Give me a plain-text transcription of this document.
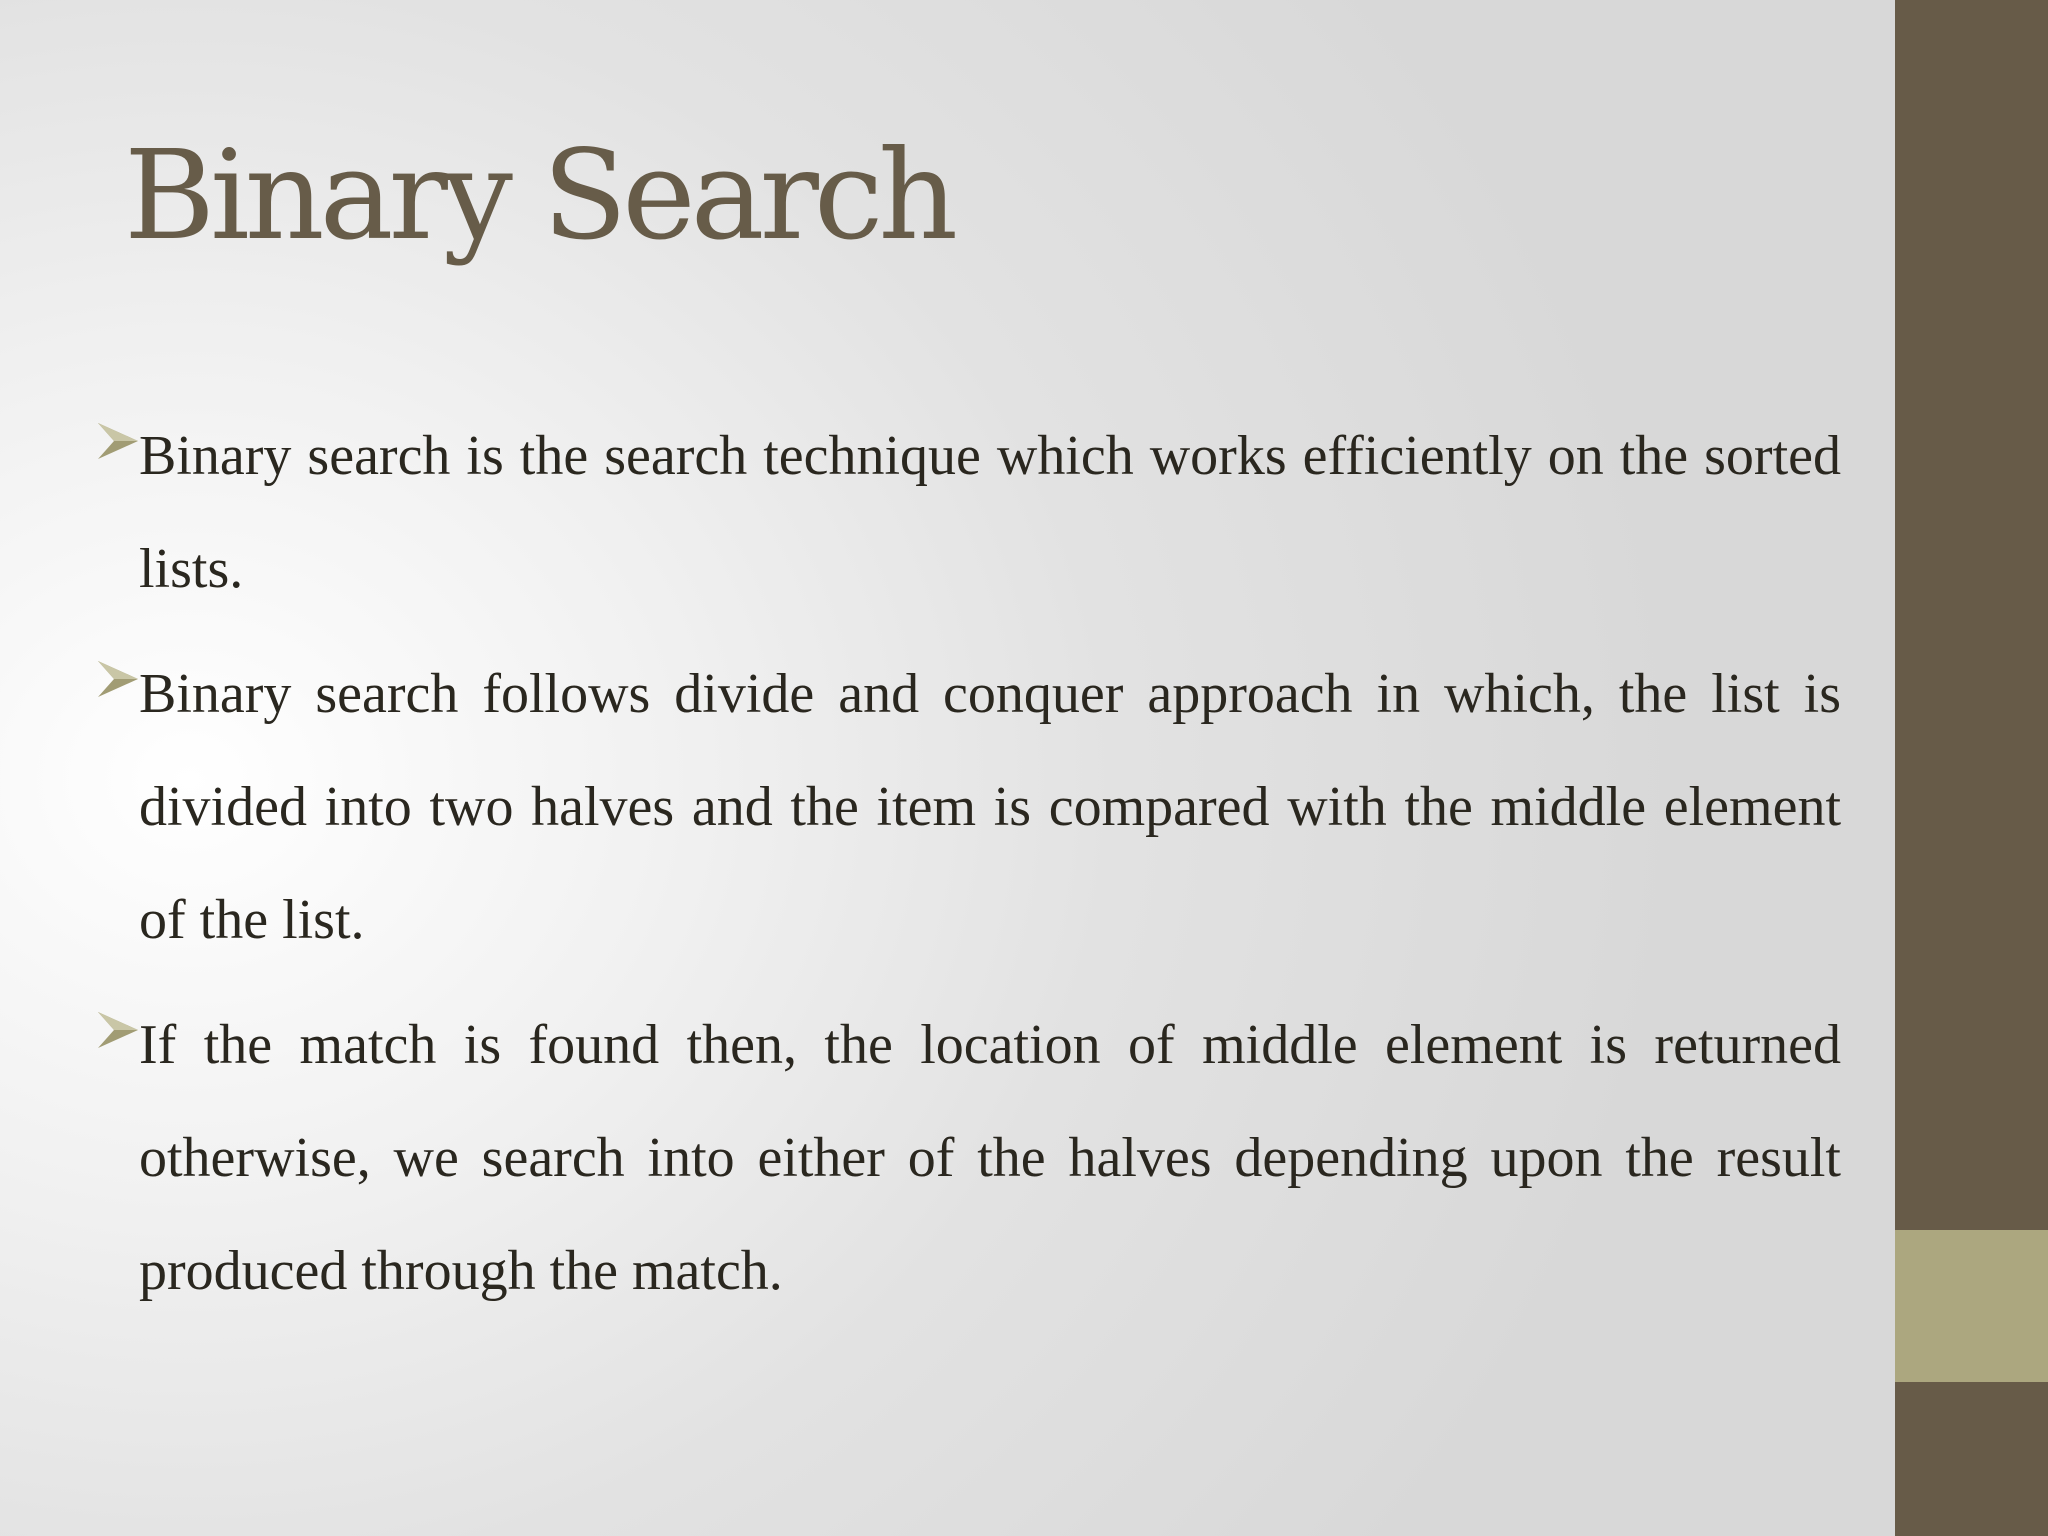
Binary Search
Binary search is the search technique which works efficiently on the sorted lists.
Binary search follows divide and conquer approach in which, the list is divided into two halves and the item is compared with the middle element of the list.
If the match is found then, the location of middle element is returned otherwise, we search into either of the halves depending upon the result produced through the match.
